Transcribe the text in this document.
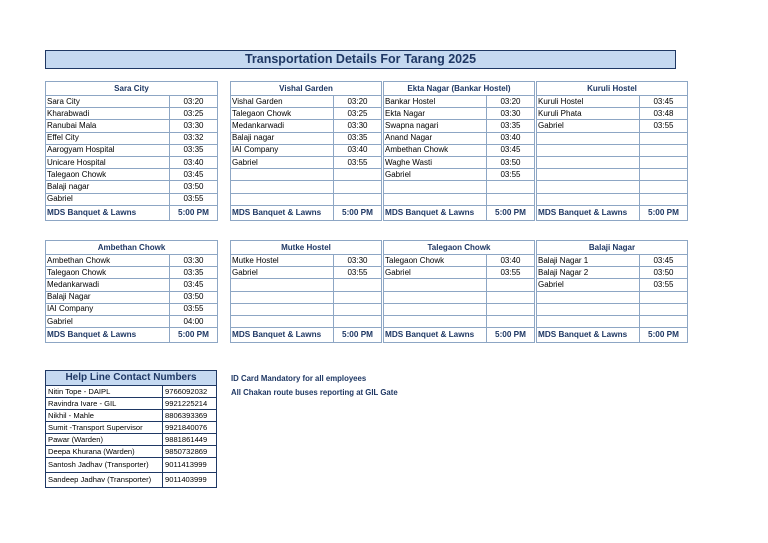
Transportation Details For Tarang 2025
Sara City	
Sara City	03:20
Kharabwadi	03:25
Ranubai Mala	03:30
Effel City	03:32
Aarogyam Hospital	03:35
Unicare Hospital	03:40
Talegaon Chowk	03:45
Balaji nagar	03:50
Gabriel	03:55
MDS Banquet & Lawns	5:00 PM
Vishal Garden	
Vishal Garden	03:20
Talegaon Chowk	03:25
Medankarwadi	03:30
Balaji nagar	03:35
IAI Company	03:40
Gabriel	03:55

MDS Banquet & Lawns	5:00 PM
Ekta Nagar (Bankar Hostel)	
Bankar Hostel	03:20
Ekta Nagar	03:30
Swapna nagari	03:35
Anand Nagar	03:40
Ambethan Chowk	03:45
Waghe Wasti	03:50
Gabriel	03:55

MDS Banquet & Lawns	5:00 PM
Kuruli Hostel	
Kuruli Hostel	03:45
Kuruli Phata	03:48
Gabriel	03:55

MDS Banquet & Lawns	5:00 PM
Ambethan Chowk	
Ambethan Chowk	03:30
Talegaon Chowk	03:35
Medankarwadi	03:45
Balaji Nagar	03:50
IAI Company	03:55
Gabriel	04:00
MDS Banquet & Lawns	5:00 PM
Mutke Hostel	
Mutke Hostel	03:30
Gabriel	03:55

MDS Banquet & Lawns	5:00 PM
Talegaon Chowk	
Talegaon Chowk	03:40
Gabriel	03:55

MDS Banquet & Lawns	5:00 PM
Balaji Nagar	
Balaji Nagar 1	03:45
Balaji Nagar 2	03:50
Gabriel	03:55

MDS Banquet & Lawns	5:00 PM
Help Line Contact Numbers	
Nitin Tope - DAIPL	9766092032
Ravindra Ivare - GIL	9921225214
Nikhil - Mahle	8806393369
Sumit -Transport Supervisor	9921840076
Pawar (Warden)	9881861449
Deepa Khurana (Warden)	9850732869
Santosh Jadhav (Transporter)	9011413999
Sandeep Jadhav (Transporter)	9011403999
ID Card Mandatory for all employees
All Chakan route buses reporting at GIL Gate
